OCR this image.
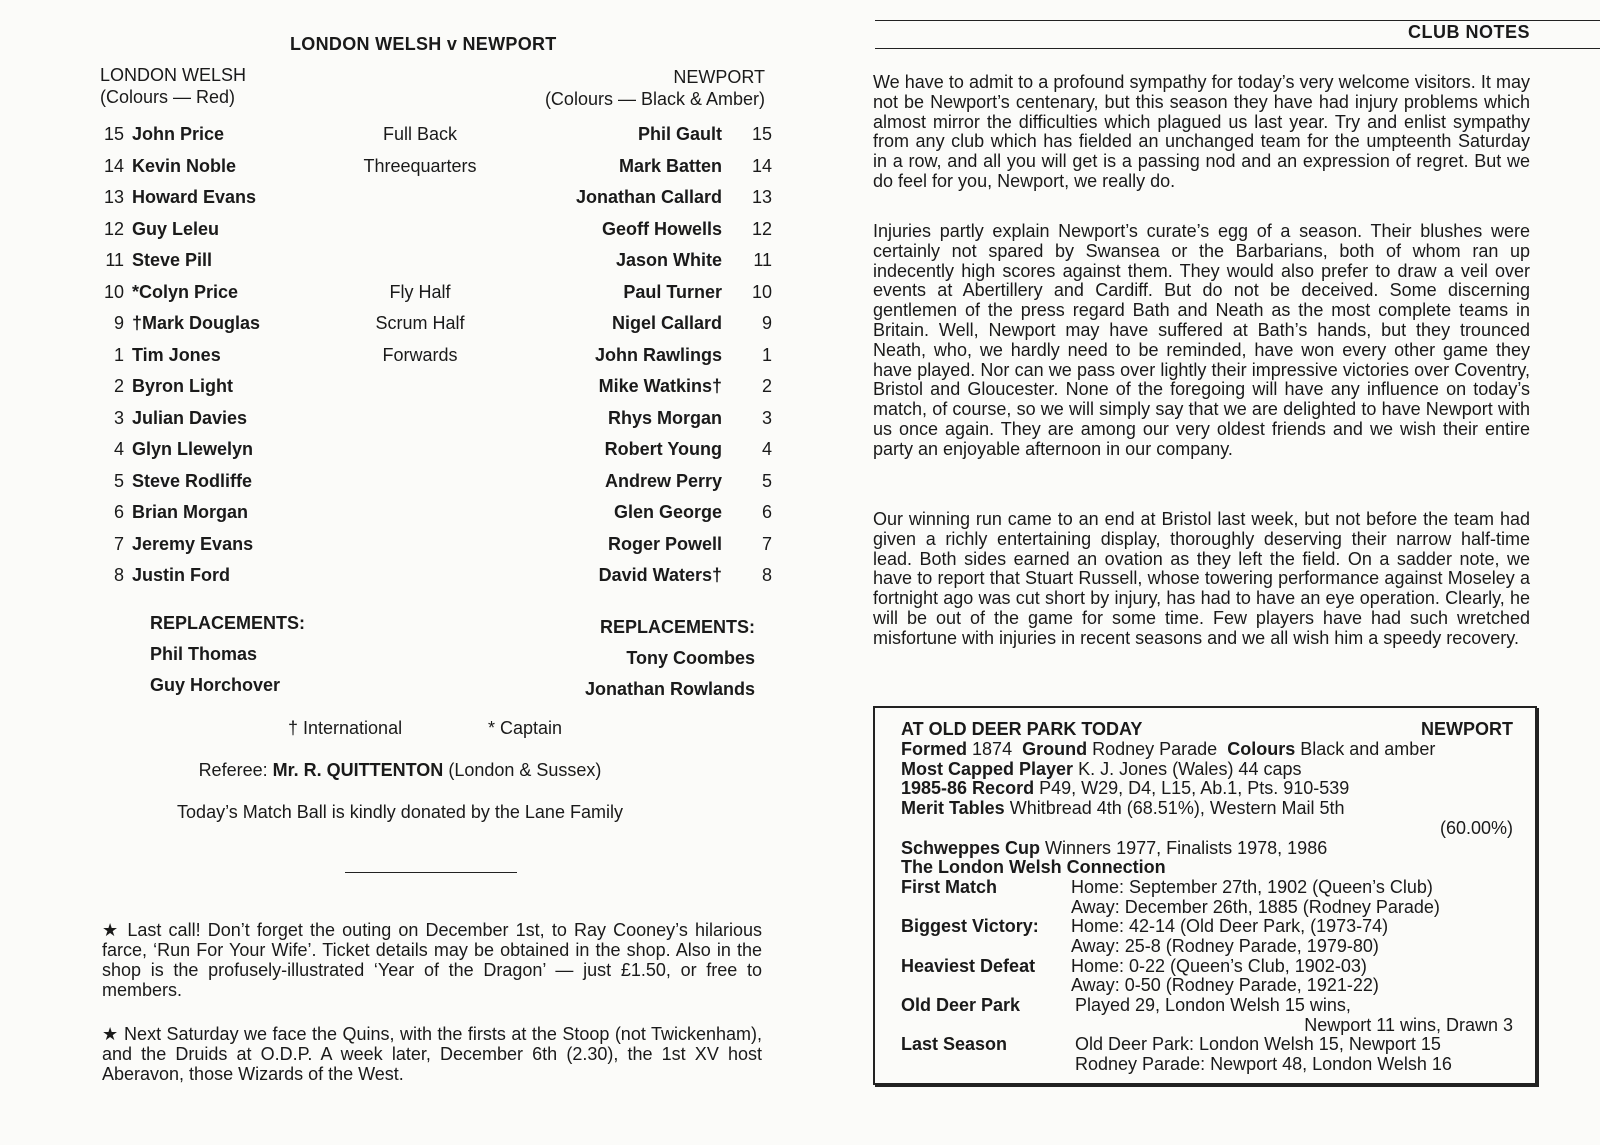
LONDON WELSH v NEWPORT
LONDON WELSH
(Colours — Red)
NEWPORT
(Colours — Black & Amber)
15 John Price	Full Back	Phil Gault	15
14 Kevin Noble	Threequarters	Mark Batten	14
13 Howard Evans	Jonathan Callard	13
12 Guy Leleu	Geoff Howells	12
11 Steve Pill	Jason White	11
10 *Colyn Price	Fly Half	Paul Turner	10
9 †Mark Douglas	Scrum Half	Nigel Callard	9
1 Tim Jones	Forwards	John Rawlings	1
2 Byron Light	Mike Watkins†	2
3 Julian Davies	Rhys Morgan	3
4 Glyn Llewelyn	Robert Young	4
5 Steve Rodliffe	Andrew Perry	5
6 Brian Morgan	Glen George	6
7 Jeremy Evans	Roger Powell	7
8 Justin Ford	David Waters†	8
REPLACEMENTS:
Phil Thomas
Guy Horchover
REPLACEMENTS:
Tony Coombes
Jonathan Rowlands
† International	* Captain
Referee: Mr. R. QUITTENTON (London & Sussex)
Today’s Match Ball is kindly donated by the Lane Family
★ Last call! Don’t forget the outing on December 1st, to Ray Cooney’s hilarious farce, ‘Run For Your Wife’. Ticket details may be obtained in the shop. Also in the shop is the profusely-illustrated ‘Year of the Dragon’ — just £1.50, or free to members.
★ Next Saturday we face the Quins, with the firsts at the Stoop (not Twickenham), and the Druids at O.D.P. A week later, December 6th (2.30), the 1st XV host Aberavon, those Wizards of the West.
CLUB NOTES
We have to admit to a profound sympathy for today’s very welcome visitors. It may not be Newport’s centenary, but this season they have had injury problems which almost mirror the difficulties which plagued us last year. Try and enlist sympathy from any club which has fielded an unchanged team for the umpteenth Saturday in a row, and all you will get is a passing nod and an expression of regret. But we do feel for you, Newport, we really do.
Injuries partly explain Newport’s curate’s egg of a season. Their blushes were certainly not spared by Swansea or the Barbarians, both of whom ran up indecently high scores against them. They would also prefer to draw a veil over events at Abertillery and Cardiff. But do not be deceived. Some discerning gentlemen of the press regard Bath and Neath as the most complete teams in Britain. Well, Newport may have suffered at Bath’s hands, but they trounced Neath, who, we hardly need to be reminded, have won every other game they have played. Nor can we pass over lightly their impressive victories over Coventry, Bristol and Gloucester. None of the foregoing will have any influence on today’s match, of course, so we will simply say that we are delighted to have Newport with us once again. They are among our very oldest friends and we wish their entire party an enjoyable afternoon in our company.
Our winning run came to an end at Bristol last week, but not before the team had given a richly entertaining display, thoroughly deserving their narrow half-time lead. Both sides earned an ovation as they left the field. On a sadder note, we have to report that Stuart Russell, whose towering performance against Moseley a fortnight ago was cut short by injury, has had to have an eye operation. Clearly, he will be out of the game for some time. Few players have had such wretched misfortune with injuries in recent seasons and we all wish him a speedy recovery.
AT OLD DEER PARK TODAY	NEWPORT
Formed 1874 Ground Rodney Parade Colours Black and amber
Most Capped Player K. J. Jones (Wales) 44 caps
1985-86 Record P49, W29, D4, L15, Ab.1, Pts. 910-539
Merit Tables Whitbread 4th (68.51%), Western Mail 5th
(60.00%)
Schweppes Cup Winners 1977, Finalists 1978, 1986
The London Welsh Connection
First Match	Home: September 27th, 1902 (Queen’s Club)
Away: December 26th, 1885 (Rodney Parade)
Biggest Victory: Home: 42-14 (Old Deer Park, (1973-74)
Away: 25-8 (Rodney Parade, 1979-80)
Heaviest Defeat Home: 0-22 (Queen’s Club, 1902-03)
Away: 0-50 (Rodney Parade, 1921-22)
Old Deer Park	Played 29, London Welsh 15 wins,
Newport 11 wins, Drawn 3
Last Season	Old Deer Park: London Welsh 15, Newport 15
Rodney Parade: Newport 48, London Welsh 16
